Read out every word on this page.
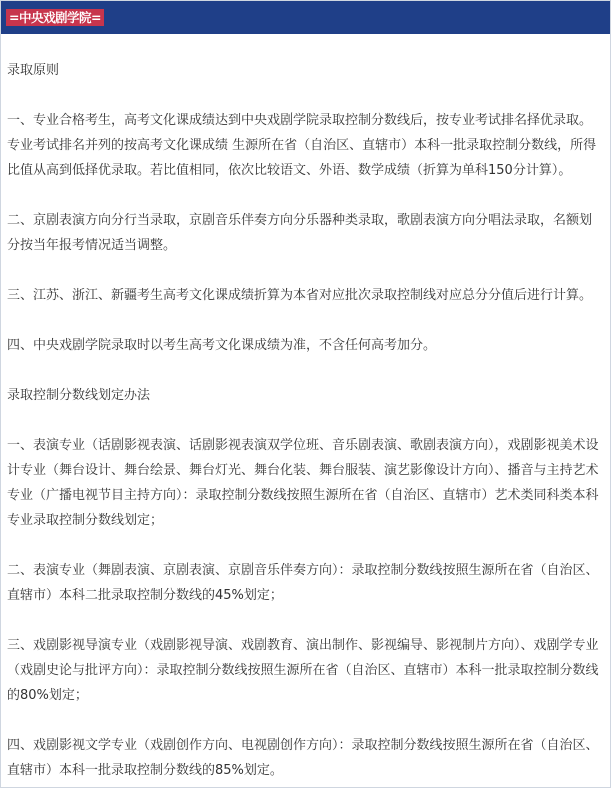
=中央戏剧学院=
录取原则

一、专业合格考生，高考文化课成绩达到中央戏剧学院录取控制分数线后，按专业考试排名择优录取。专业考试排名并列的按高考文化课成绩 生源所在省（自治区、直辖市）本科一批录取控制分数线，所得比值从高到低择优录取。若比值相同，依次比较语文、外语、数学成绩（折算为单科150分计算）。

二、京剧表演方向分行当录取，京剧音乐伴奏方向分乐器种类录取，歌剧表演方向分唱法录取，名额划分按当年报考情况适当调整。

三、江苏、浙江、新疆考生高考文化课成绩折算为本省对应批次录取控制线对应总分分值后进行计算。

四、中央戏剧学院录取时以考生高考文化课成绩为准，不含任何高考加分。

录取控制分数线划定办法

一、表演专业（话剧影视表演、话剧影视表演双学位班、音乐剧表演、歌剧表演方向），戏剧影视美术设计专业（舞台设计、舞台绘景、舞台灯光、舞台化装、舞台服装、演艺影像设计方向）、播音与主持艺术专业（广播电视节目主持方向）：录取控制分数线按照生源所在省（自治区、直辖市）艺术类同科类本科专业录取控制分数线划定；

二、表演专业（舞剧表演、京剧表演、京剧音乐伴奏方向）：录取控制分数线按照生源所在省（自治区、直辖市）本科二批录取控制分数线的45%划定；

三、戏剧影视导演专业（戏剧影视导演、戏剧教育、演出制作、影视编导、影视制片方向）、戏剧学专业（戏剧史论与批评方向）：录取控制分数线按照生源所在省（自治区、直辖市）本科一批录取控制分数线的80%划定；

四、戏剧影视文学专业（戏剧创作方向、电视剧创作方向）：录取控制分数线按照生源所在省（自治区、直辖市）本科一批录取控制分数线的85%划定。
